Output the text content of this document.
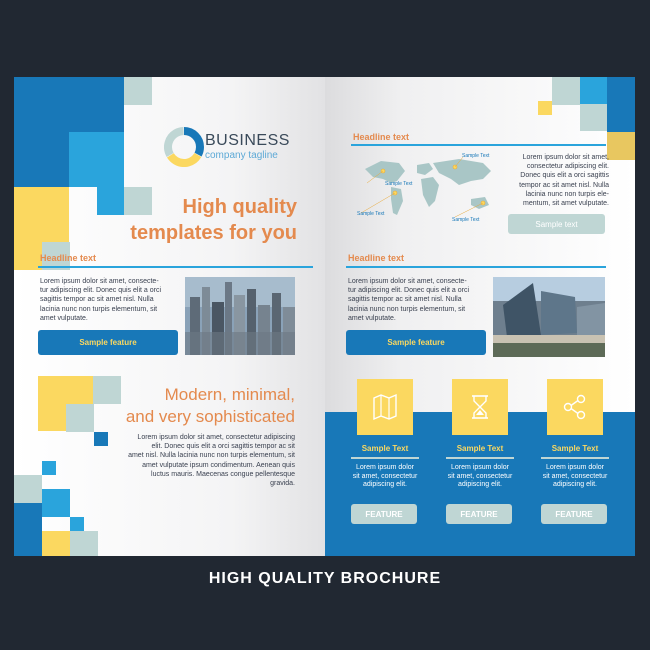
BUSINESS
company tagline
High quality
templates for you
Headline text
Lorem ipsum dolor sit amet, consecte-
tur adipiscing elit. Donec quis elit a orci
sagittis tempor ac sit amet nisl. Nulla
lacinia nunc non turpis elementum, sit
amet vulputate.
Sample feature
Modern, minimal,
and very sophisticated
Lorem ipsum dolor sit amet, consectetur adipiscing
elit. Donec quis elit a orci sagittis tempor ac sit
amet nisl. Nulla lacinia nunc non turpis elementum, sit
amet vulputate ipsum condimentum. Aenean quis
luctus mauris. Maecenas congue pellentesque
gravida.
Headline text
Sample Text
Sample Text
Sample Text
Sample Text
Lorem ipsum dolor sit amet,
consectetur adipiscing elit.
Donec quis elit a orci sagittis
tempor ac sit amet nisl. Nulla
lacinia nunc non turpis ele-
mentum, sit amet vulputate.
Sample text
Headline text
Lorem ipsum dolor sit amet, consecte-
tur adipiscing elit. Donec quis elit a orci
sagittis tempor ac sit amet nisl. Nulla
lacinia nunc non turpis elementum, sit
amet vulputate.
Sample feature
Sample Text
Lorem ipsum dolor
sit amet, consectetur
adipiscing elit.
FEATURE
Sample Text
Lorem ipsum dolor
sit amet, consectetur
adipiscing elit.
FEATURE
Sample Text
Lorem ipsum dolor
sit amet, consectetur
adipiscing elit.
FEATURE
HIGH QUALITY BROCHURE
